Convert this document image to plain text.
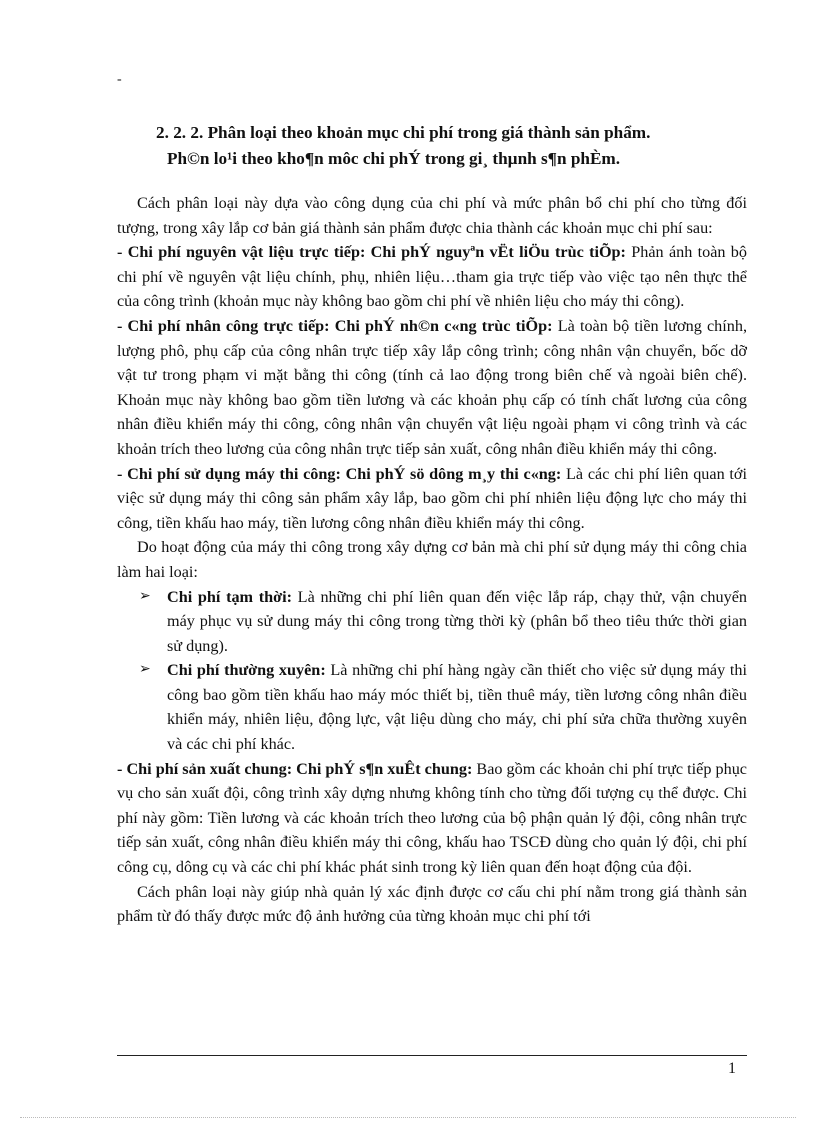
-
2. 2. 2. Phân loại theo khoản mục chi phí trong giá thành sản phẩm.
Ph©n lo¹i theo kho¶n môc chi phÝ trong gi¸ thµnh s¶n phÈm.

Cách phân loại này dựa vào công dụng của chi phí và mức phân bổ chi phí cho từng đối tượng, trong xây lắp cơ bản giá thành sản phẩm được chia thành các khoản mục chi phí sau:

- Chi phí nguyên vật liệu trực tiếp: Chi phÝ nguyªn vËt liÖu trùc tiÕp: Phản ánh toàn bộ chi phí về nguyên vật liệu chính, phụ, nhiên liệu…tham gia trực tiếp vào việc tạo nên thực thể của công trình (khoản mục này không bao gồm chi phí về nhiên liệu cho máy thi công).

- Chi phí nhân công trực tiếp: Chi phÝ nh©n c«ng trùc tiÕp: Là toàn bộ tiền lương chính, lượng phô, phụ cấp của công nhân trực tiếp xây lắp công trình; công nhân vận chuyển, bốc dỡ vật tư trong phạm vi mặt bằng thi công (tính cả lao động trong biên chế và ngoài biên chế). Khoản mục này không bao gồm tiền lương và các khoản phụ cấp có tính chất lương của công nhân điều khiển máy thi công, công nhân vận chuyển vật liệu ngoài phạm vi công trình và các khoản trích theo lương của công nhân trực tiếp sản xuất, công nhân điều khiển máy thi công.

- Chi phí sử dụng máy thi công: Chi phÝ sö dông m¸y thi c«ng: Là các chi phí liên quan tới việc sử dụng máy thi công sản phẩm xây lắp, bao gồm chi phí nhiên liệu động lực cho máy thi công, tiền khấu hao máy, tiền lương công nhân điều khiển máy thi công.

Do hoạt động của máy thi công trong xây dựng cơ bản mà chi phí sử dụng máy thi công chia làm hai loại:

➢ Chi phí tạm thời: Là những chi phí liên quan đến việc lắp ráp, chạy thử, vận chuyển máy phục vụ sử dung máy thi công trong từng thời kỳ (phân bổ theo tiêu thức thời gian sử dụng).

➢ Chi phí thường xuyên: Là những chi phí hàng ngày cần thiết cho việc sử dụng máy thi công bao gồm tiền khấu hao máy móc thiết bị, tiền thuê máy, tiền lương công nhân điều khiển máy, nhiên liệu, động lực, vật liệu dùng cho máy, chi phí sửa chữa thường xuyên và các chi phí khác.

- Chi phí sản xuất chung: Chi phÝ s¶n xuÊt chung: Bao gồm các khoản chi phí trực tiếp phục vụ cho sản xuất đội, công trình xây dựng nhưng không tính cho từng đối tượng cụ thể được. Chi phí này gồm: Tiền lương và các khoản trích theo lương của bộ phận quản lý đội, công nhân trực tiếp sản xuất, công nhân điều khiển máy thi công, khấu hao TSCĐ dùng cho quản lý đội, chi phí công cụ, dông cụ và các chi phí khác phát sinh trong kỳ liên quan đến hoạt động của đội.

Cách phân loại này giúp nhà quản lý xác định được cơ cấu chi phí nằm trong giá thành sản phẩm từ đó thấy được mức độ ảnh hưởng của từng khoản mục chi phí tới

1
